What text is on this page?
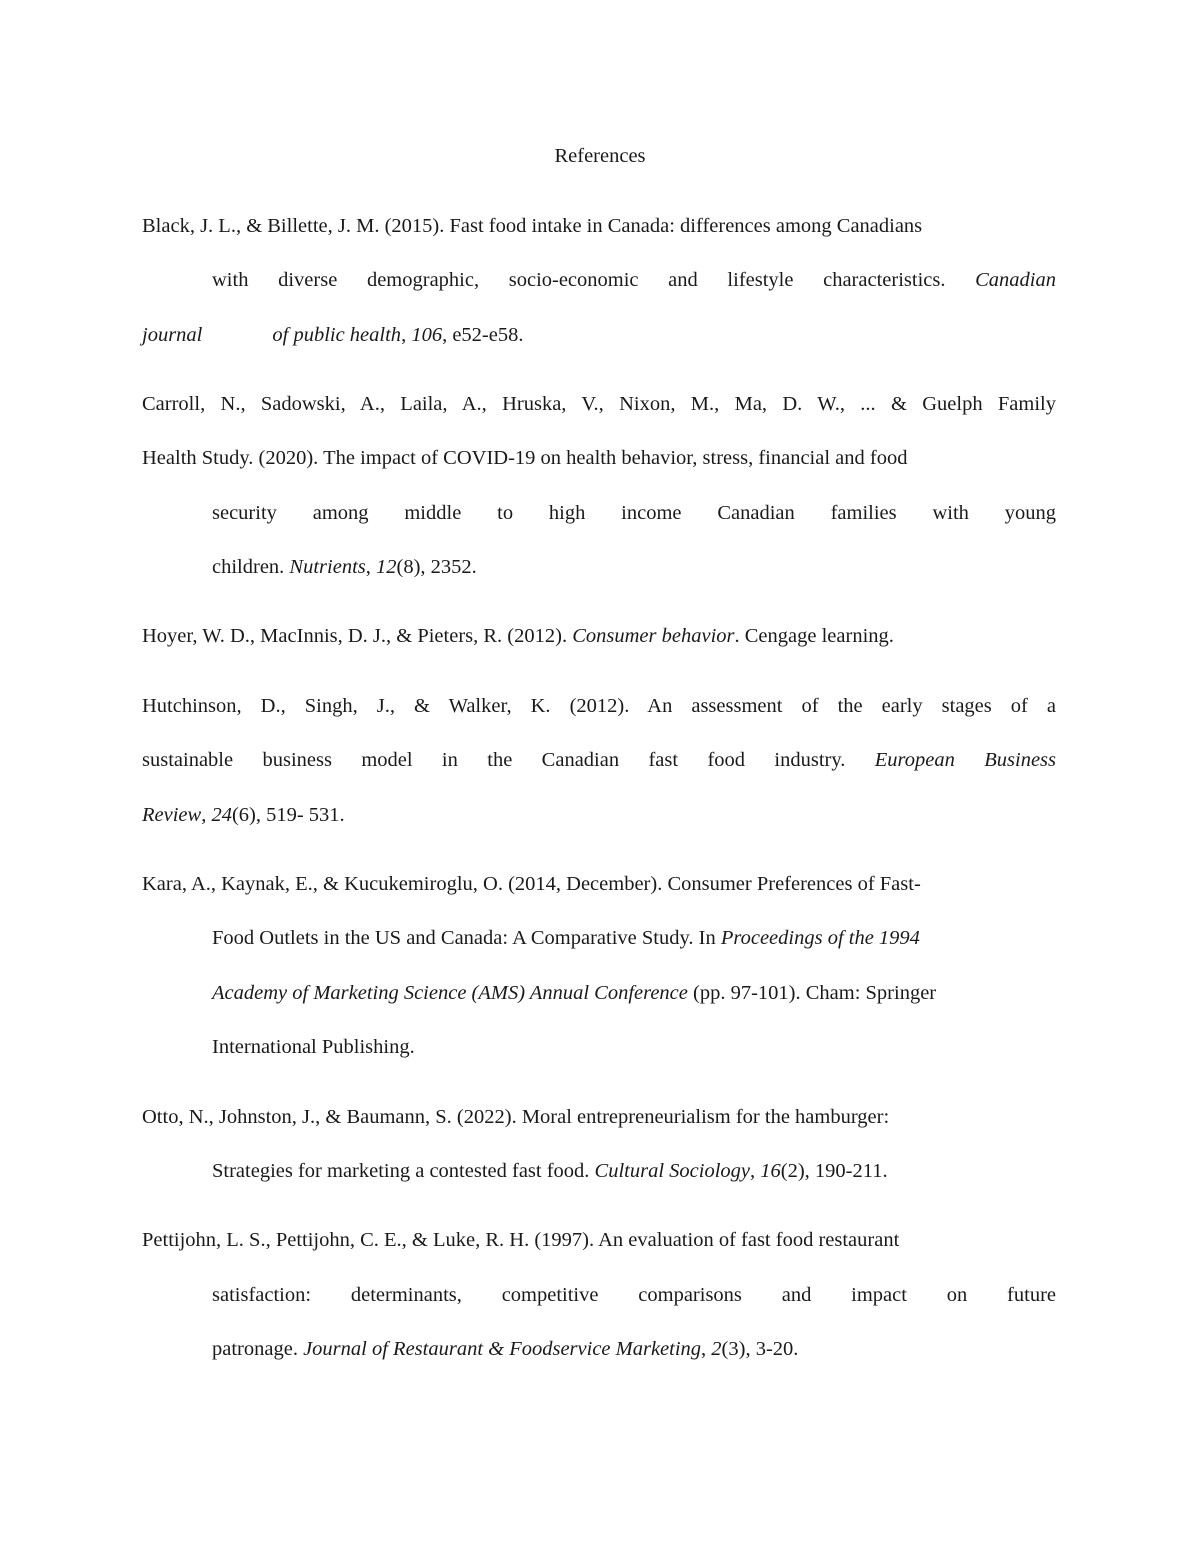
References
Black, J. L., & Billette, J. M. (2015). Fast food intake in Canada: differences among Canadians
with diverse demographic, socio-economic and lifestyle characteristics. Canadian
journal	of public health, 106, e52-e58.
Carroll, N., Sadowski, A., Laila, A., Hruska, V., Nixon, M., Ma, D. W., ... & Guelph Family
Health Study. (2020). The impact of COVID-19 on health behavior, stress, financial and food
security among middle to high income Canadian families with young
children. Nutrients, 12(8), 2352.
Hoyer, W. D., MacInnis, D. J., & Pieters, R. (2012). Consumer behavior. Cengage learning.
Hutchinson, D., Singh, J., & Walker, K. (2012). An assessment of the early stages of a
sustainable business model in the Canadian fast food industry. European Business
Review, 24(6), 519- 531.
Kara, A., Kaynak, E., & Kucukemiroglu, O. (2014, December). Consumer Preferences of Fast-
Food Outlets in the US and Canada: A Comparative Study. In Proceedings of the 1994
Academy of Marketing Science (AMS) Annual Conference (pp. 97-101). Cham: Springer
International Publishing.
Otto, N., Johnston, J., & Baumann, S. (2022). Moral entrepreneurialism for the hamburger:
Strategies for marketing a contested fast food. Cultural Sociology, 16(2), 190-211.
Pettijohn, L. S., Pettijohn, C. E., & Luke, R. H. (1997). An evaluation of fast food restaurant
satisfaction: determinants, competitive comparisons and impact on future
patronage. Journal of Restaurant & Foodservice Marketing, 2(3), 3-20.
